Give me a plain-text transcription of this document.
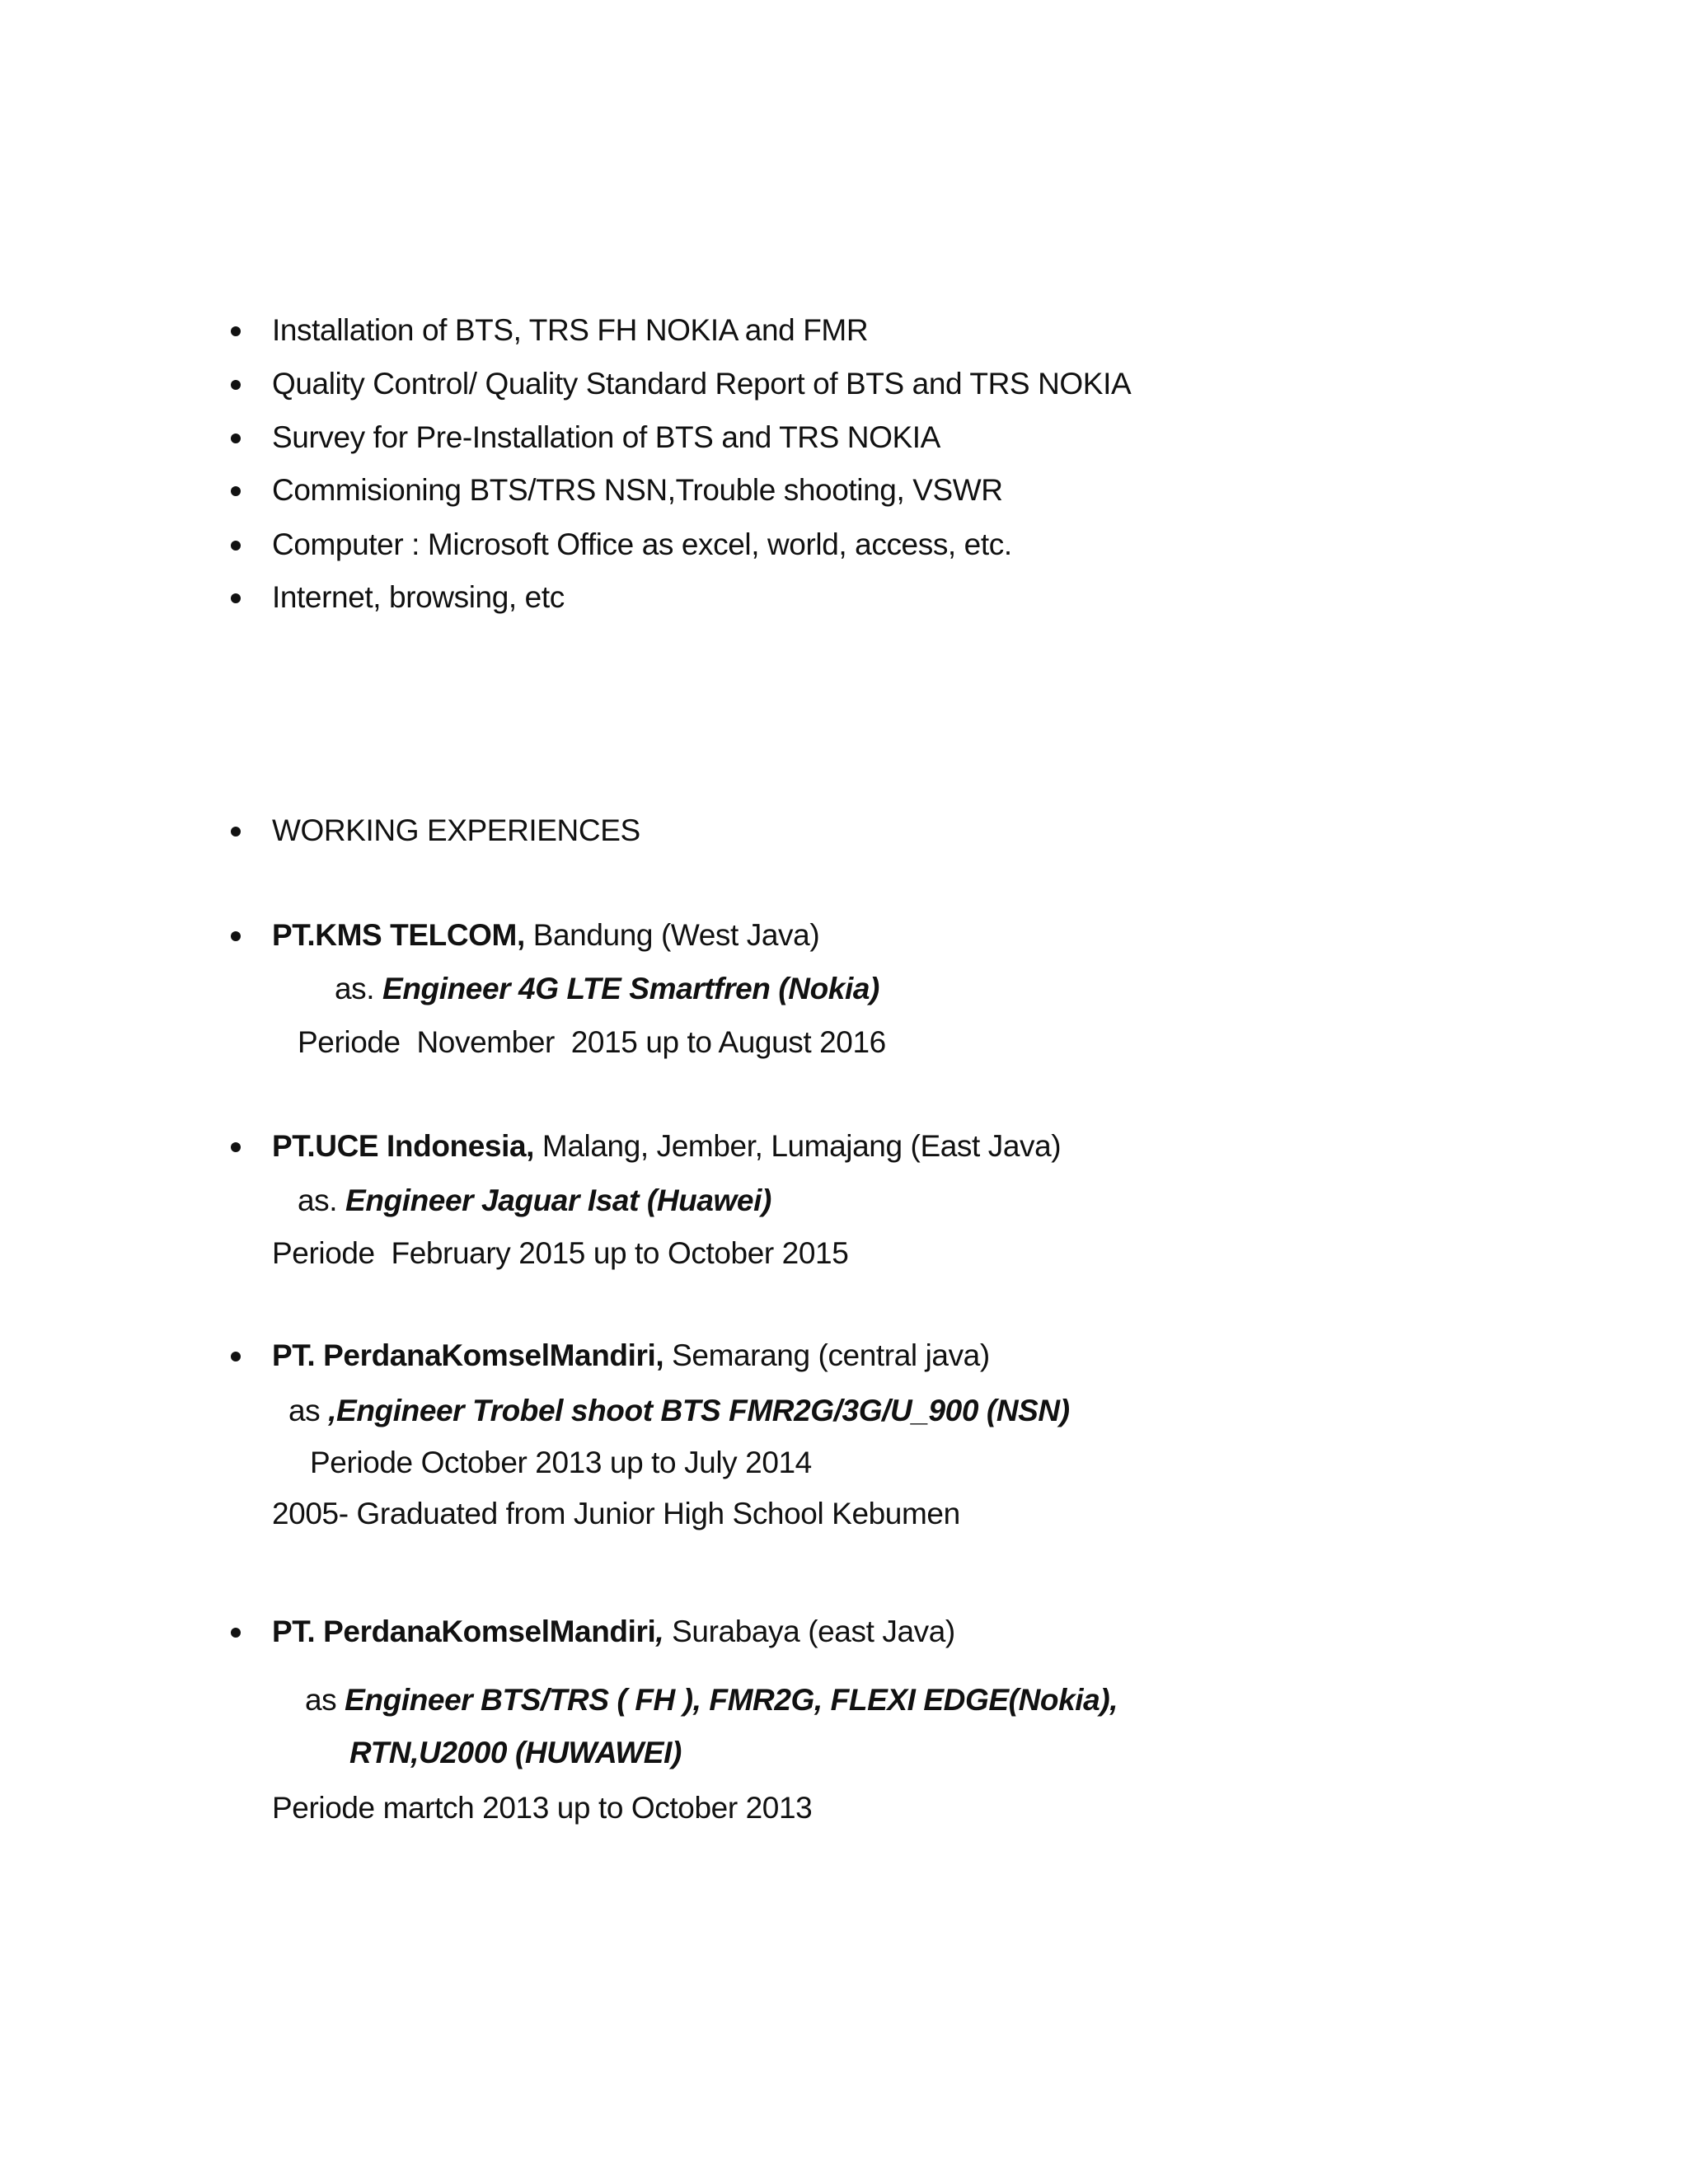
Installation of BTS, TRS FH NOKIA and FMR
Quality Control/ Quality Standard Report of BTS and TRS NOKIA
Survey for Pre-Installation of BTS and TRS NOKIA
Commisioning BTS/TRS NSN,Trouble shooting, VSWR
Computer : Microsoft Office as excel, world, access, etc.
Internet, browsing, etc
WORKING EXPERIENCES
PT.KMS TELCOM, Bandung (West Java)
as. Engineer 4G LTE Smartfren (Nokia)
Periode  November  2015 up to August 2016
PT.UCE Indonesia, Malang, Jember, Lumajang (East Java)
as. Engineer Jaguar Isat (Huawei)
Periode  February 2015 up to October 2015
PT. PerdanaKomselMandiri, Semarang (central java)
as ,Engineer Trobel shoot BTS FMR2G/3G/U_900 (NSN)
Periode October 2013 up to July 2014
2005- Graduated from Junior High School Kebumen
PT. PerdanaKomselMandiri, Surabaya (east Java)
as Engineer BTS/TRS ( FH ), FMR2G, FLEXI EDGE(Nokia),
RTN,U2000 (HUWAWEI)
Periode martch 2013 up to October 2013
